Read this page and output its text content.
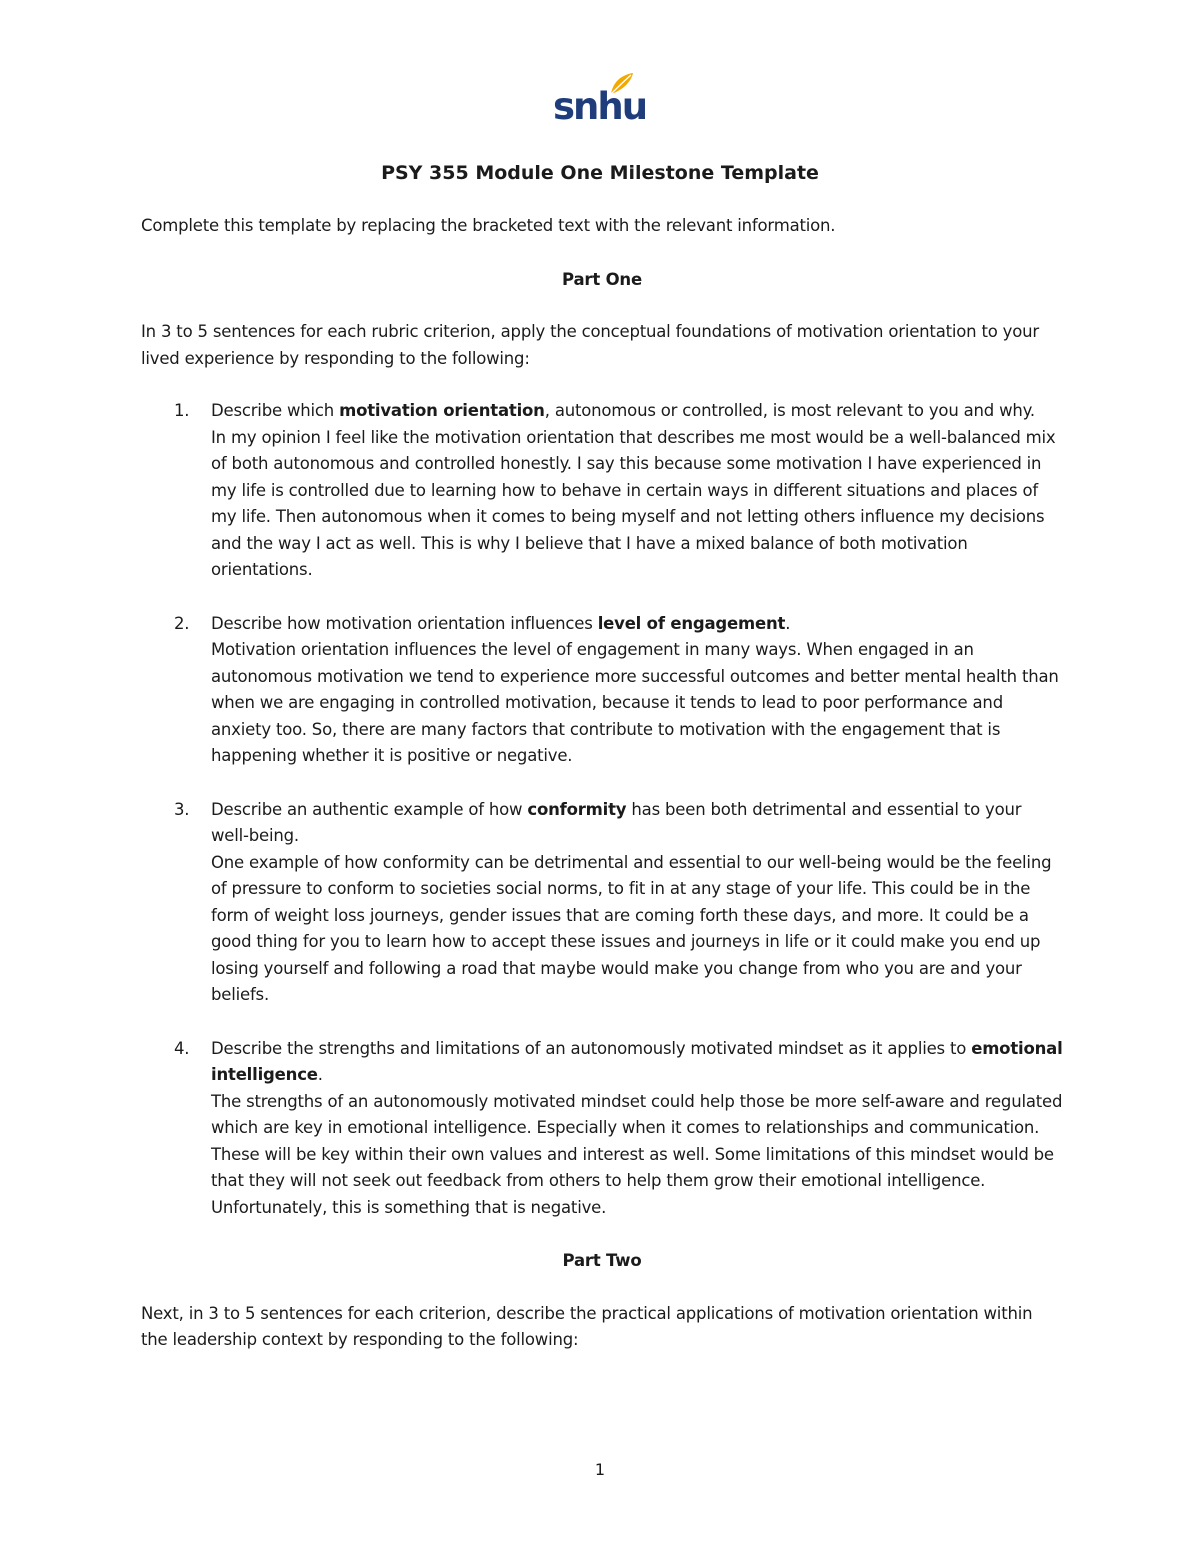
snhu
PSY 355 Module One Milestone Template

Complete this template by replacing the bracketed text with the relevant information.

Part One

In 3 to 5 sentences for each rubric criterion, apply the conceptual foundations of motivation orientation to your lived experience by responding to the following:

1. Describe which motivation orientation, autonomous or controlled, is most relevant to you and why.

In my opinion I feel like the motivation orientation that describes me most would be a well-balanced mix of both autonomous and controlled honestly. I say this because some motivation I have experienced in my life is controlled due to learning how to behave in certain ways in different situations and places of my life. Then autonomous when it comes to being myself and not letting others influence my decisions and the way I act as well. This is why I believe that I have a mixed balance of both motivation orientations.

2. Describe how motivation orientation influences level of engagement.

Motivation orientation influences the level of engagement in many ways. When engaged in an autonomous motivation we tend to experience more successful outcomes and better mental health than when we are engaging in controlled motivation, because it tends to lead to poor performance and anxiety too. So, there are many factors that contribute to motivation with the engagement that is happening whether it is positive or negative.

3. Describe an authentic example of how conformity has been both detrimental and essential to your well-being.

One example of how conformity can be detrimental and essential to our well-being would be the feeling of pressure to conform to societies social norms, to fit in at any stage of your life. This could be in the form of weight loss journeys, gender issues that are coming forth these days, and more. It could be a good thing for you to learn how to accept these issues and journeys in life or it could make you end up losing yourself and following a road that maybe would make you change from who you are and your beliefs.

4. Describe the strengths and limitations of an autonomously motivated mindset as it applies to emotional intelligence.

The strengths of an autonomously motivated mindset could help those be more self-aware and regulated which are key in emotional intelligence. Especially when it comes to relationships and communication. These will be key within their own values and interest as well. Some limitations of this mindset would be that they will not seek out feedback from others to help them grow their emotional intelligence. Unfortunately, this is something that is negative.

Part Two

Next, in 3 to 5 sentences for each criterion, describe the practical applications of motivation orientation within the leadership context by responding to the following:

1
